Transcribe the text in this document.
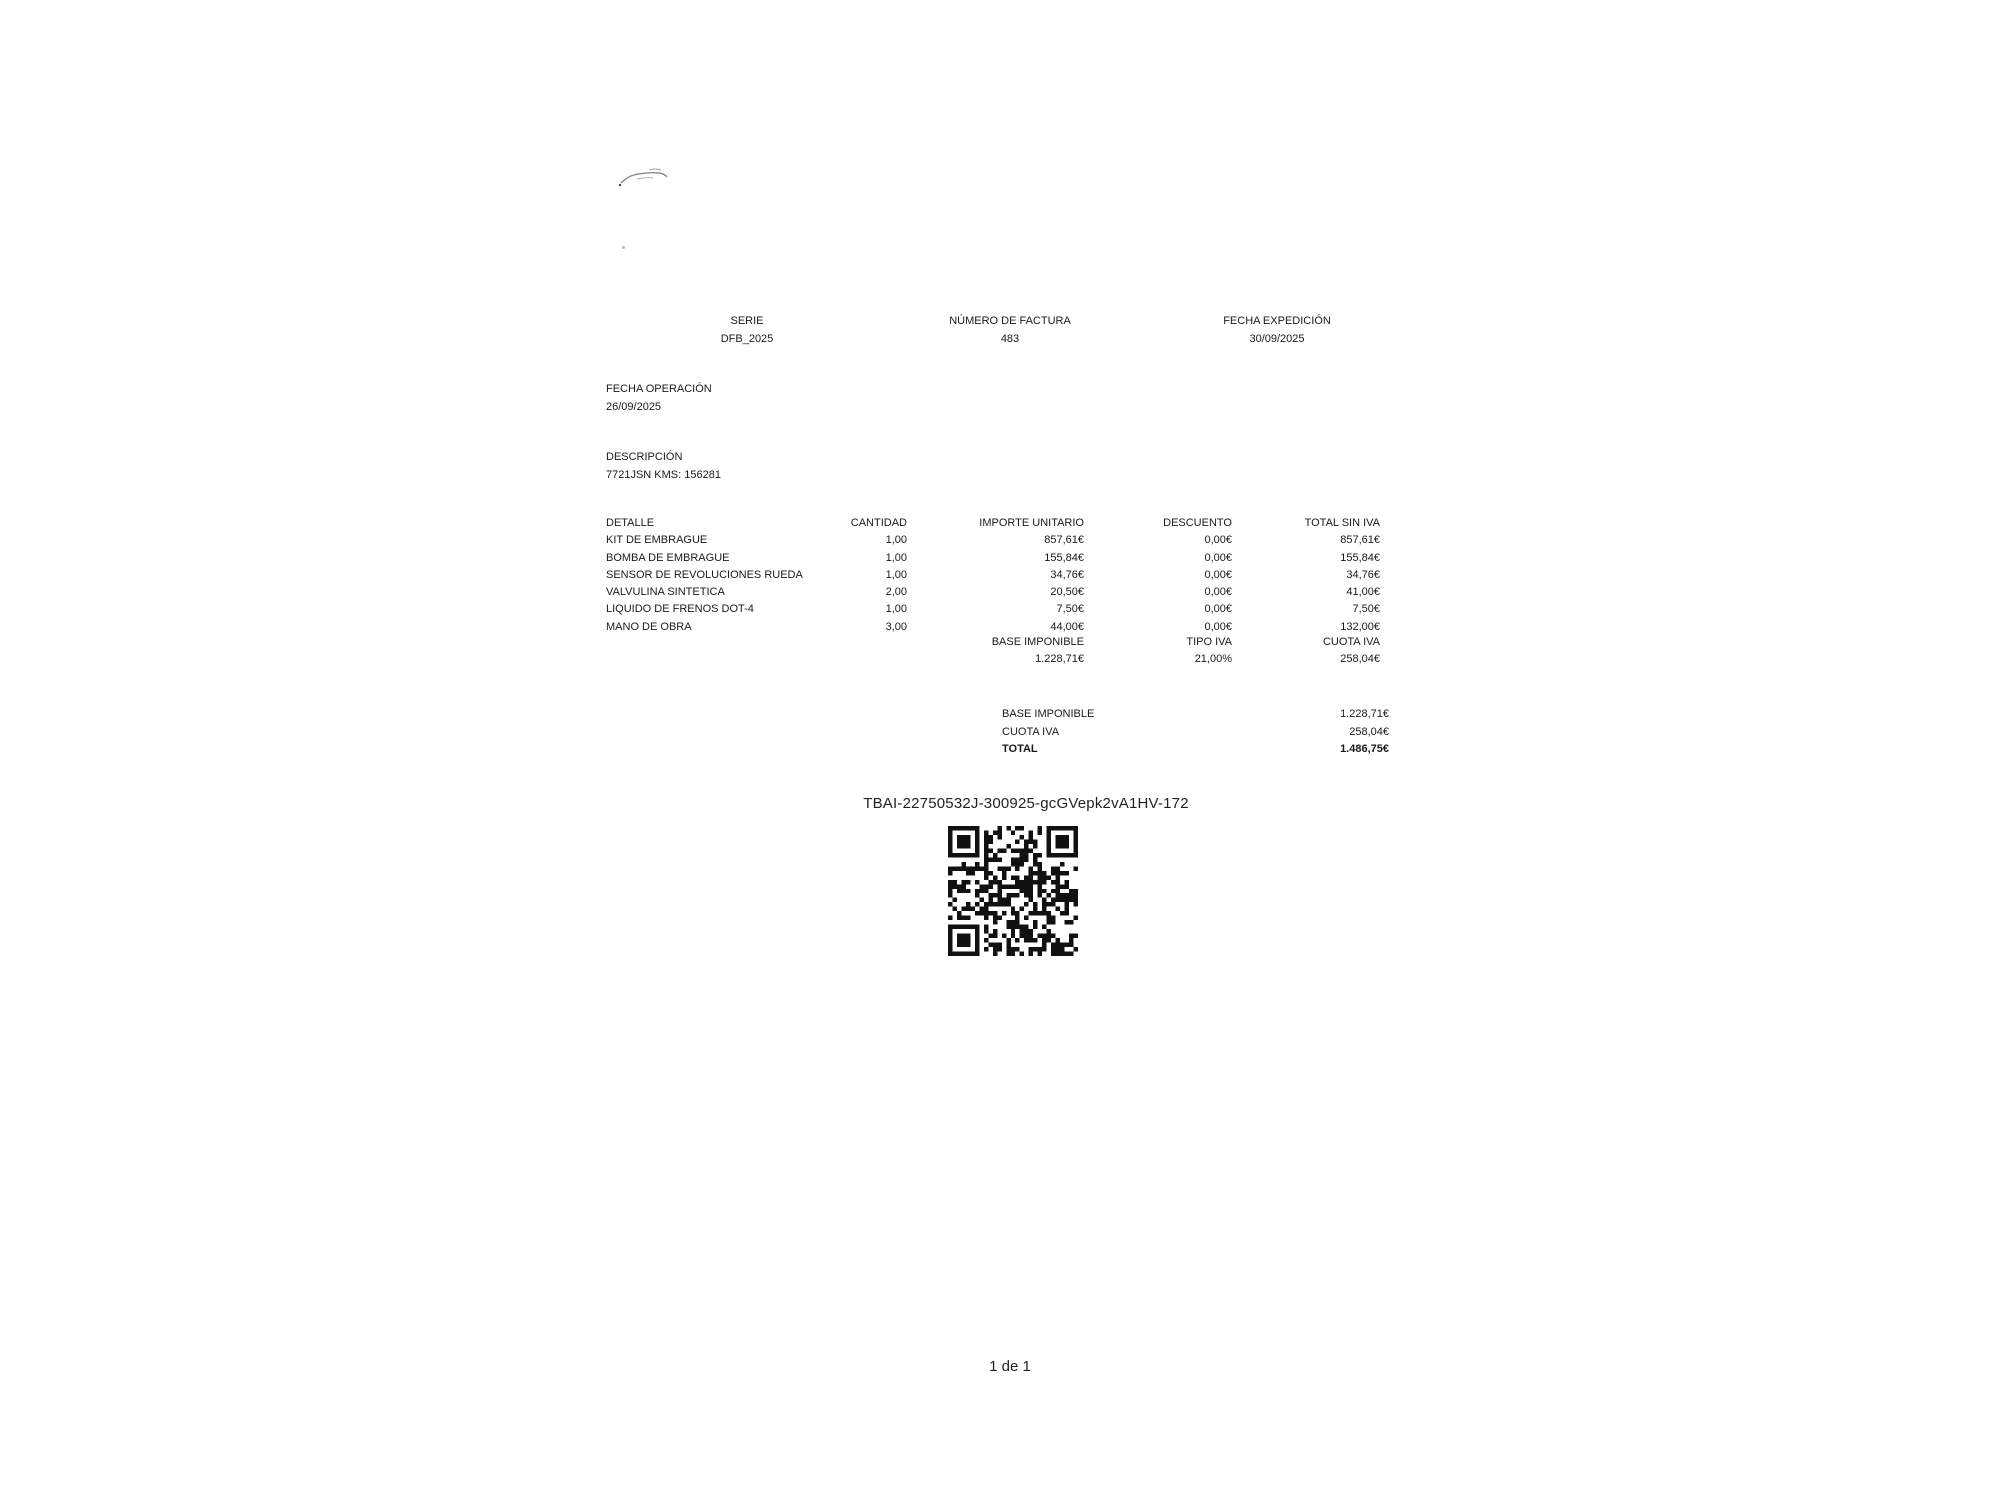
SERIE
DFB_2025
NÚMERO DE FACTURA
483
FECHA EXPEDICIÓN
30/09/2025
FECHA OPERACIÓN
26/09/2025
DESCRIPCIÓN
7721JSN KMS: 156281
DETALLE	CANTIDAD	IMPORTE UNITARIO	DESCUENTO	TOTAL SIN IVA
KIT DE EMBRAGUE	1,00	857,61€	0,00€	857,61€
BOMBA DE EMBRAGUE	1,00	155,84€	0,00€	155,84€
SENSOR DE REVOLUCIONES RUEDA	1,00	34,76€	0,00€	34,76€
VALVULINA SINTETICA	2,00	20,50€	0,00€	41,00€
LIQUIDO DE FRENOS DOT-4	1,00	7,50€	0,00€	7,50€
MANO DE OBRA	3,00	44,00€	0,00€	132,00€
BASE IMPONIBLE	TIPO IVA	CUOTA IVA
1.228,71€	21,00%	258,04€
BASE IMPONIBLE	1.228,71€
CUOTA IVA	258,04€
TOTAL	1.486,75€
TBAI-22750532J-300925-gcGVepk2vA1HV-172
1 de 1
